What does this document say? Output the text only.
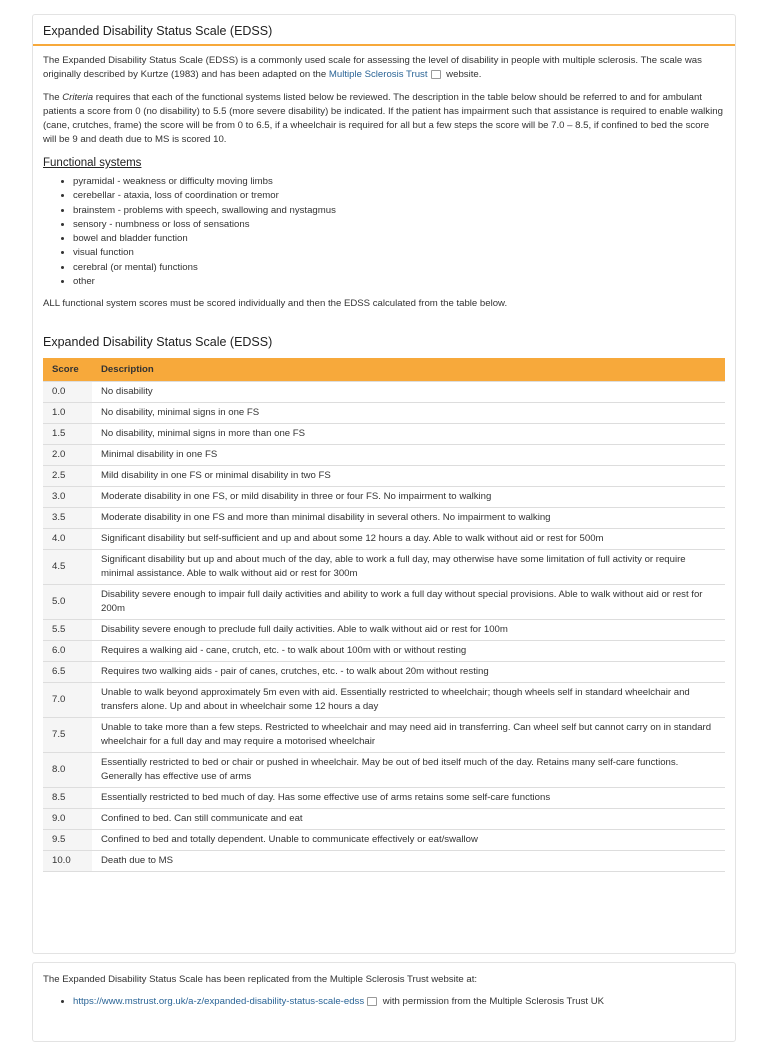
Expanded Disability Status Scale (EDSS)

The Expanded Disability Status Scale (EDSS) is a commonly used scale for assessing the level of disability in people with multiple sclerosis. The scale was originally described by Kurtze (1983) and has been adapted on the Multiple Sclerosis Trust website.

The Criteria requires that each of the functional systems listed below be reviewed. The description in the table below should be referred to and for ambulant patients a score from 0 (no disability) to 5.5 (more severe disability) be indicated. If the patient has impairment such that assistance is required to enable walking (cane, crutches, frame) the score will be from 0 to 6.5, if a wheelchair is required for all but a few steps the score will be 7.0 – 8.5, if confined to bed the score will be 9 and death due to MS is scored 10.

Functional systems
• pyramidal - weakness or difficulty moving limbs
• cerebellar - ataxia, loss of coordination or tremor
• brainstem - problems with speech, swallowing and nystagmus
• sensory - numbness or loss of sensations
• bowel and bladder function
• visual function
• cerebral (or mental) functions
• other

ALL functional system scores must be scored individually and then the EDSS calculated from the table below.

Expanded Disability Status Scale (EDSS)
Score	Description
0.0	No disability
1.0	No disability, minimal signs in one FS
1.5	No disability, minimal signs in more than one FS
2.0	Minimal disability in one FS
2.5	Mild disability in one FS or minimal disability in two FS
3.0	Moderate disability in one FS, or mild disability in three or four FS. No impairment to walking
3.5	Moderate disability in one FS and more than minimal disability in several others. No impairment to walking
4.0	Significant disability but self-sufficient and up and about some 12 hours a day. Able to walk without aid or rest for 500m
4.5	Significant disability but up and about much of the day, able to work a full day, may otherwise have some limitation of full activity or require minimal assistance. Able to walk without aid or rest for 300m
5.0	Disability severe enough to impair full daily activities and ability to work a full day without special provisions. Able to walk without aid or rest for 200m
5.5	Disability severe enough to preclude full daily activities. Able to walk without aid or rest for 100m
6.0	Requires a walking aid - cane, crutch, etc. - to walk about 100m with or without resting
6.5	Requires two walking aids - pair of canes, crutches, etc. - to walk about 20m without resting
7.0	Unable to walk beyond approximately 5m even with aid. Essentially restricted to wheelchair; though wheels self in standard wheelchair and transfers alone. Up and about in wheelchair some 12 hours a day
7.5	Unable to take more than a few steps. Restricted to wheelchair and may need aid in transferring. Can wheel self but cannot carry on in standard wheelchair for a full day and may require a motorised wheelchair
8.0	Essentially restricted to bed or chair or pushed in wheelchair. May be out of bed itself much of the day. Retains many self-care functions. Generally has effective use of arms
8.5	Essentially restricted to bed much of day. Has some effective use of arms retains some self-care functions
9.0	Confined to bed. Can still communicate and eat
9.5	Confined to bed and totally dependent. Unable to communicate effectively or eat/swallow
10.0	Death due to MS
The Expanded Disability Status Scale has been replicated from the Multiple Sclerosis Trust website at:
• https://www.mstrust.org.uk/a-z/expanded-disability-status-scale-edss with permission from the Multiple Sclerosis Trust UK
